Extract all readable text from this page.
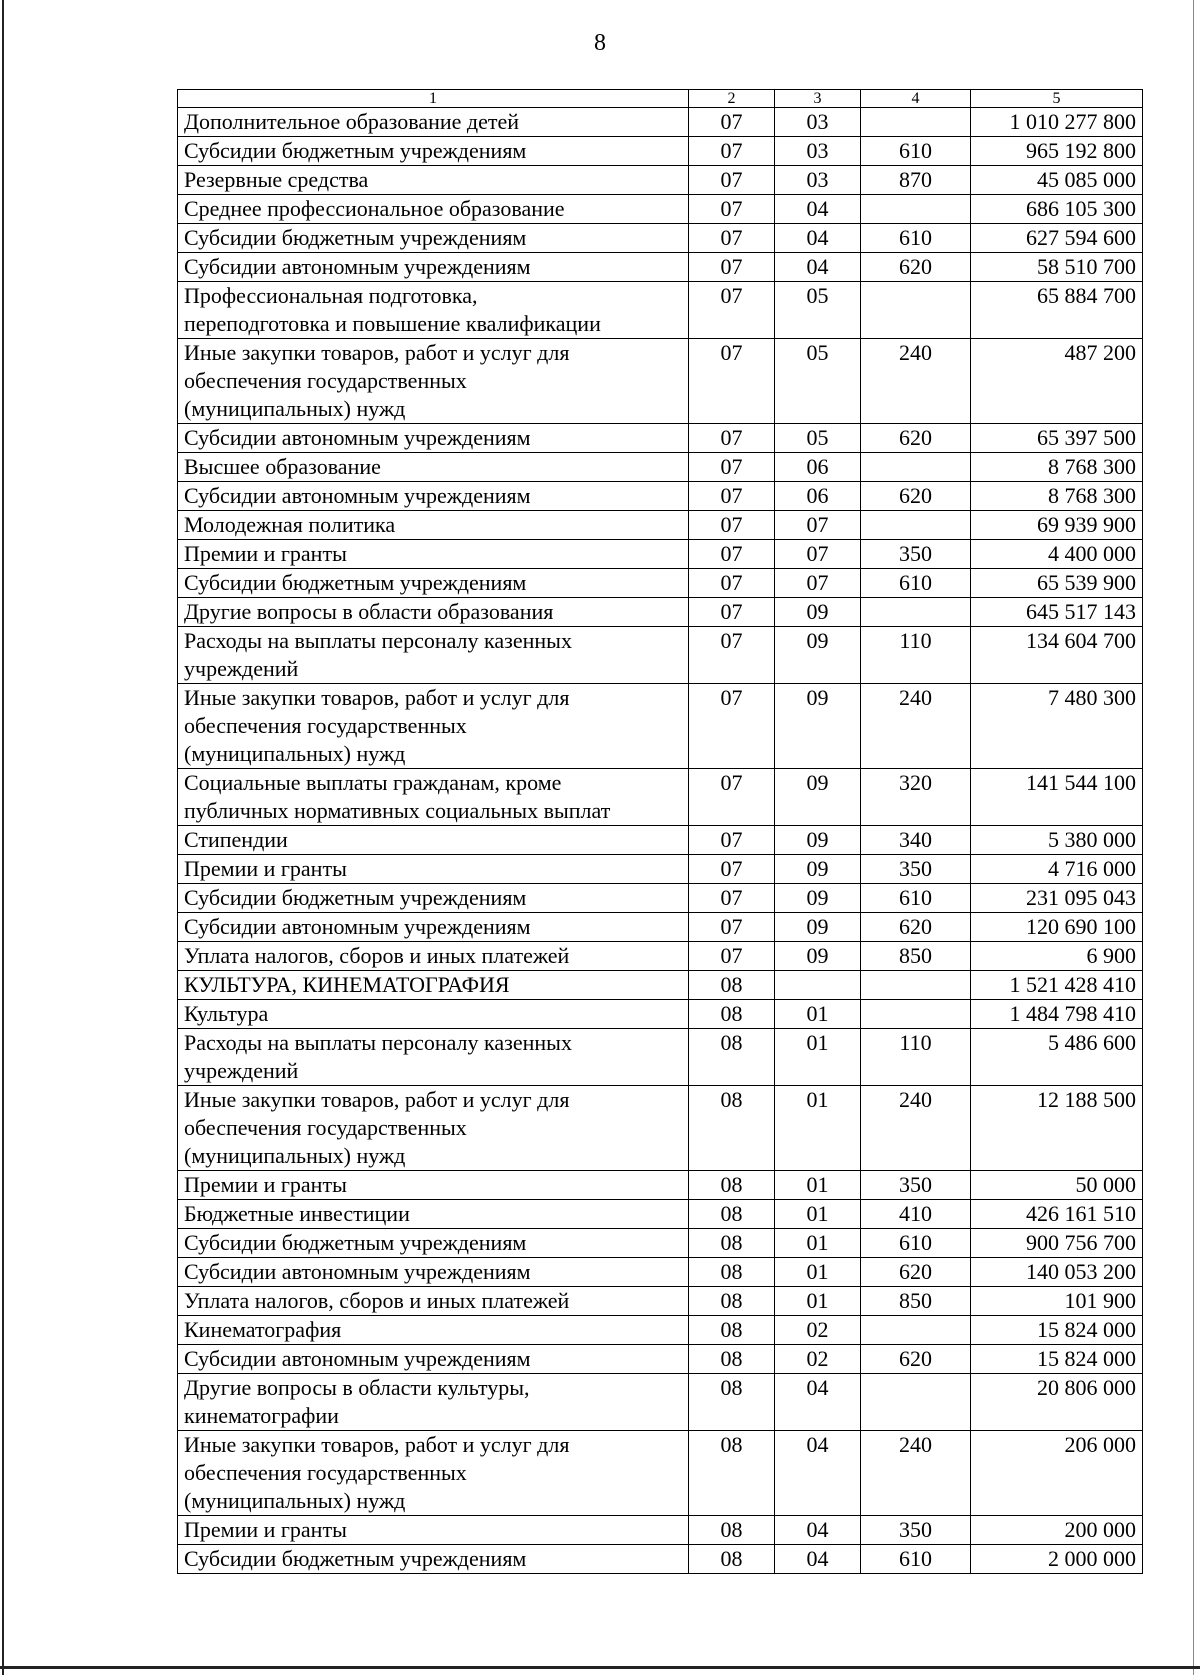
8
1	2	3	4	5
Дополнительное образование детей	07	03		1 010 277 800
Субсидии бюджетным учреждениям	07	03	610	965 192 800
Резервные средства	07	03	870	45 085 000
Среднее профессиональное образование	07	04		686 105 300
Субсидии бюджетным учреждениям	07	04	610	627 594 600
Субсидии автономным учреждениям	07	04	620	58 510 700
Профессиональная подготовка,
переподготовка и повышение квалификации	07	05		65 884 700
Иные закупки товаров, работ и услуг для
обеспечения государственных
(муниципальных) нужд	07	05	240	487 200
Субсидии автономным учреждениям	07	05	620	65 397 500
Высшее образование	07	06		8 768 300
Субсидии автономным учреждениям	07	06	620	8 768 300
Молодежная политика	07	07		69 939 900
Премии и гранты	07	07	350	4 400 000
Субсидии бюджетным учреждениям	07	07	610	65 539 900
Другие вопросы в области образования	07	09		645 517 143
Расходы на выплаты персоналу казенных
учреждений	07	09	110	134 604 700
Иные закупки товаров, работ и услуг для
обеспечения государственных
(муниципальных) нужд	07	09	240	7 480 300
Социальные выплаты гражданам, кроме
публичных нормативных социальных выплат	07	09	320	141 544 100
Стипендии	07	09	340	5 380 000
Премии и гранты	07	09	350	4 716 000
Субсидии бюджетным учреждениям	07	09	610	231 095 043
Субсидии автономным учреждениям	07	09	620	120 690 100
Уплата налогов, сборов и иных платежей	07	09	850	6 900
КУЛЬТУРА, КИНЕМАТОГРАФИЯ	08			1 521 428 410
Культура	08	01		1 484 798 410
Расходы на выплаты персоналу казенных
учреждений	08	01	110	5 486 600
Иные закупки товаров, работ и услуг для
обеспечения государственных
(муниципальных) нужд	08	01	240	12 188 500
Премии и гранты	08	01	350	50 000
Бюджетные инвестиции	08	01	410	426 161 510
Субсидии бюджетным учреждениям	08	01	610	900 756 700
Субсидии автономным учреждениям	08	01	620	140 053 200
Уплата налогов, сборов и иных платежей	08	01	850	101 900
Кинематография	08	02		15 824 000
Субсидии автономным учреждениям	08	02	620	15 824 000
Другие вопросы в области культуры,
кинематографии	08	04		20 806 000
Иные закупки товаров, работ и услуг для
обеспечения государственных
(муниципальных) нужд	08	04	240	206 000
Премии и гранты	08	04	350	200 000
Субсидии бюджетным учреждениям	08	04	610	2 000 000
